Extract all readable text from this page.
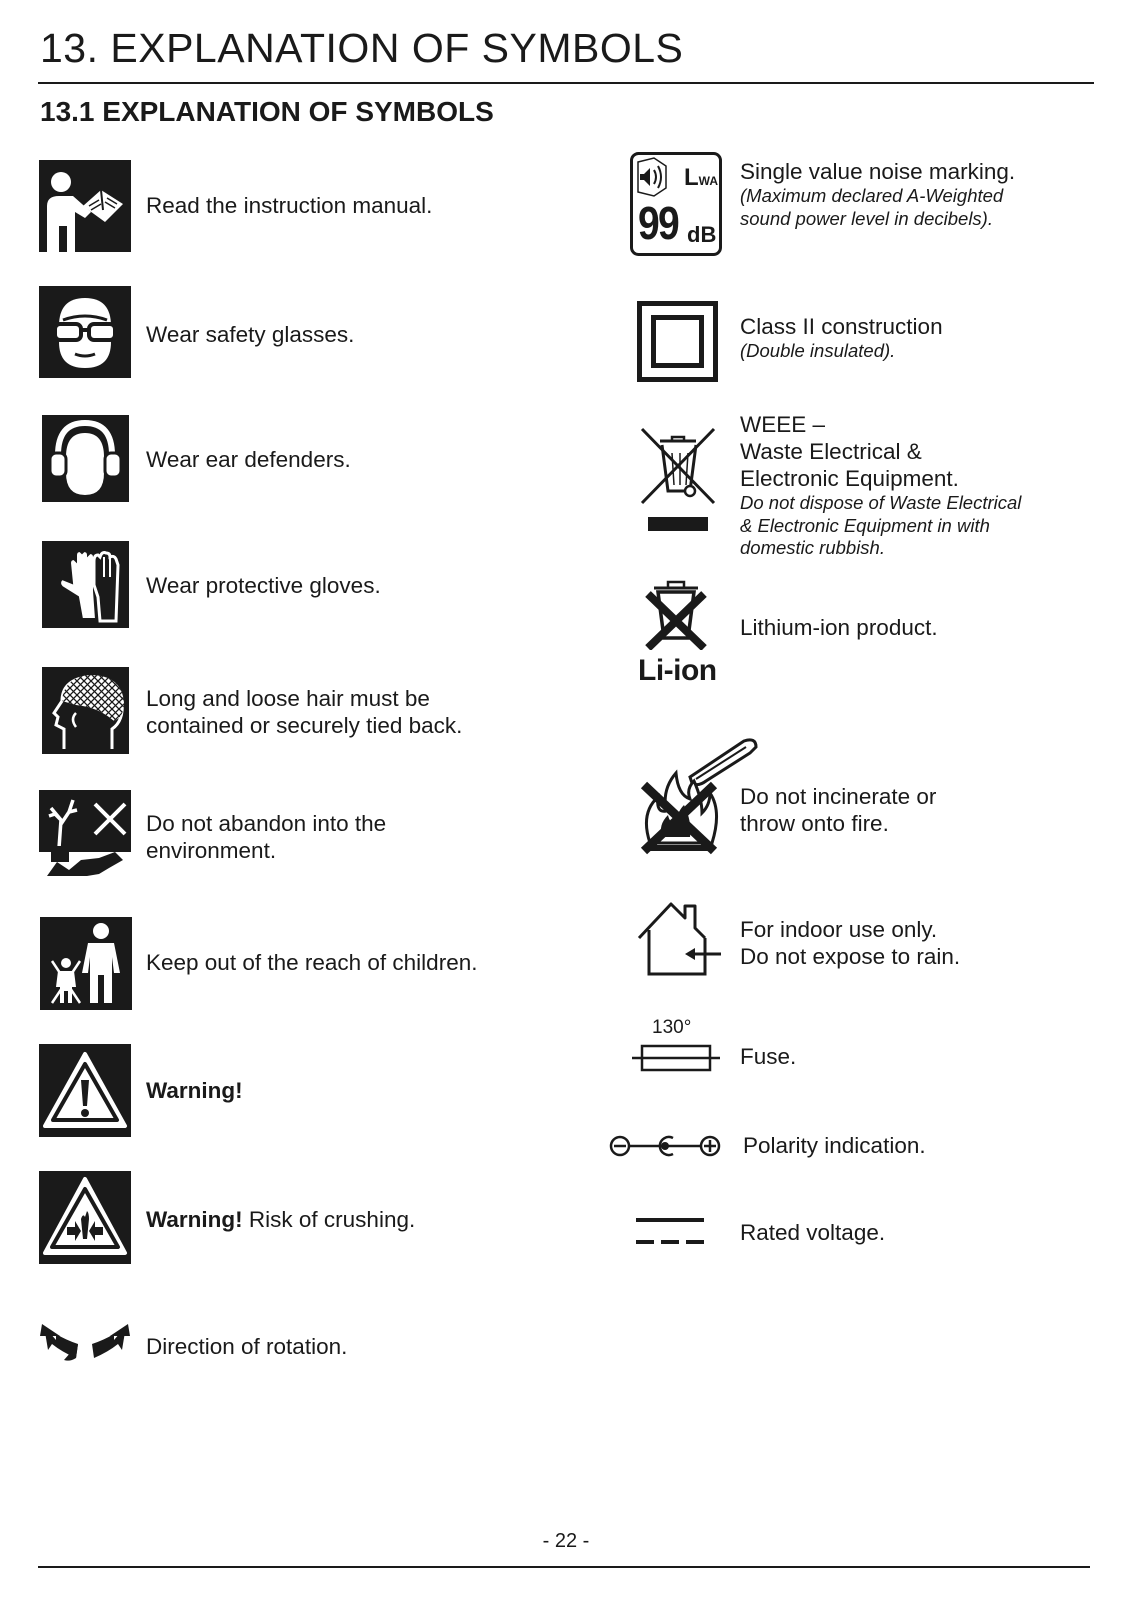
13. EXPLANATION OF SYMBOLS
13.1 EXPLANATION OF SYMBOLS
Read the instruction manual.
Wear safety glasses.
Wear ear defenders.
Wear protective gloves.
Long and loose hair must be
contained or securely tied back.
Do not abandon into the
environment.
Keep out of the reach of children.
Warning!
Warning! Risk of crushing.
Direction of rotation.
LWA
99 dB
Single value noise marking.
(Maximum declared A-Weighted
sound power level in decibels).
Class II construction
(Double insulated).
WEEE –
Waste Electrical &
Electronic Equipment.
Do not dispose of Waste Electrical
& Electronic Equipment in with
domestic rubbish.
Li-ion
Lithium-ion product.
Do not incinerate or
throw onto fire.
For indoor use only.
Do not expose to rain.
130°
Fuse.
Polarity indication.
Rated voltage.
- 22 -
